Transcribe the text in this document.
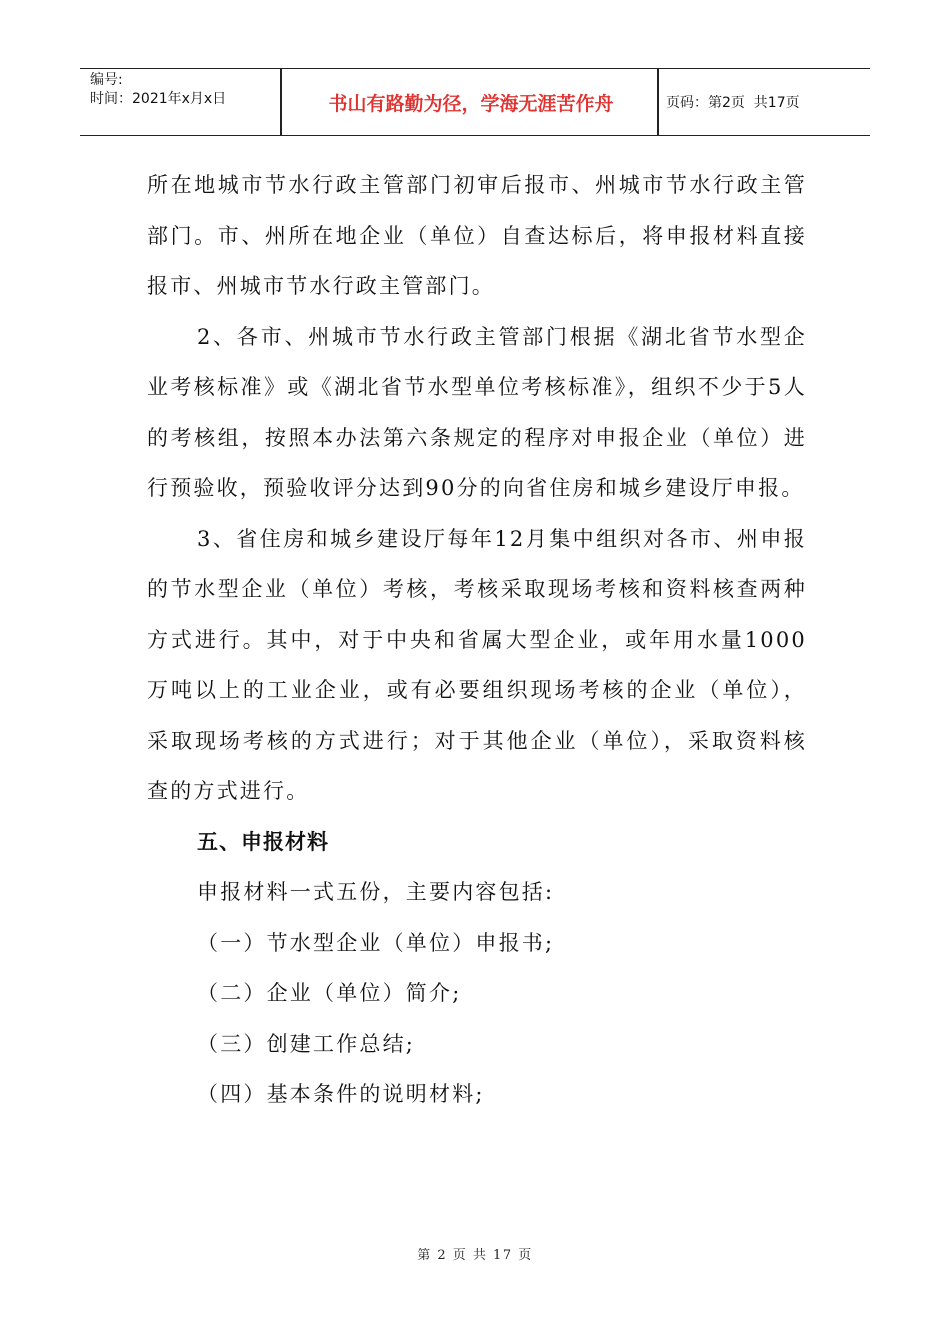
编号:
时间：2021年x月x日	书山有路勤为径，学海无涯苦作舟	页码：第2页  共17页

所在地城市节水行政主管部门初审后报市、州城市节水行政主管部门。市、州所在地企业（单位）自查达标后，将申报材料直接报市、州城市节水行政主管部门。

2、各市、州城市节水行政主管部门根据《湖北省节水型企业考核标准》或《湖北省节水型单位考核标准》，组织不少于5人的考核组，按照本办法第六条规定的程序对申报企业（单位）进行预验收，预验收评分达到90分的向省住房和城乡建设厅申报。

3、省住房和城乡建设厅每年12月集中组织对各市、州申报的节水型企业（单位）考核，考核采取现场考核和资料核查两种方式进行。其中，对于中央和省属大型企业，或年用水量1000万吨以上的工业企业，或有必要组织现场考核的企业（单位），采取现场考核的方式进行；对于其他企业（单位），采取资料核查的方式进行。

五、申报材料

申报材料一式五份，主要内容包括:

（一）节水型企业（单位）申报书;

（二）企业（单位）简介;

（三）创建工作总结;

（四）基本条件的说明材料;

第 2 页 共 17 页
